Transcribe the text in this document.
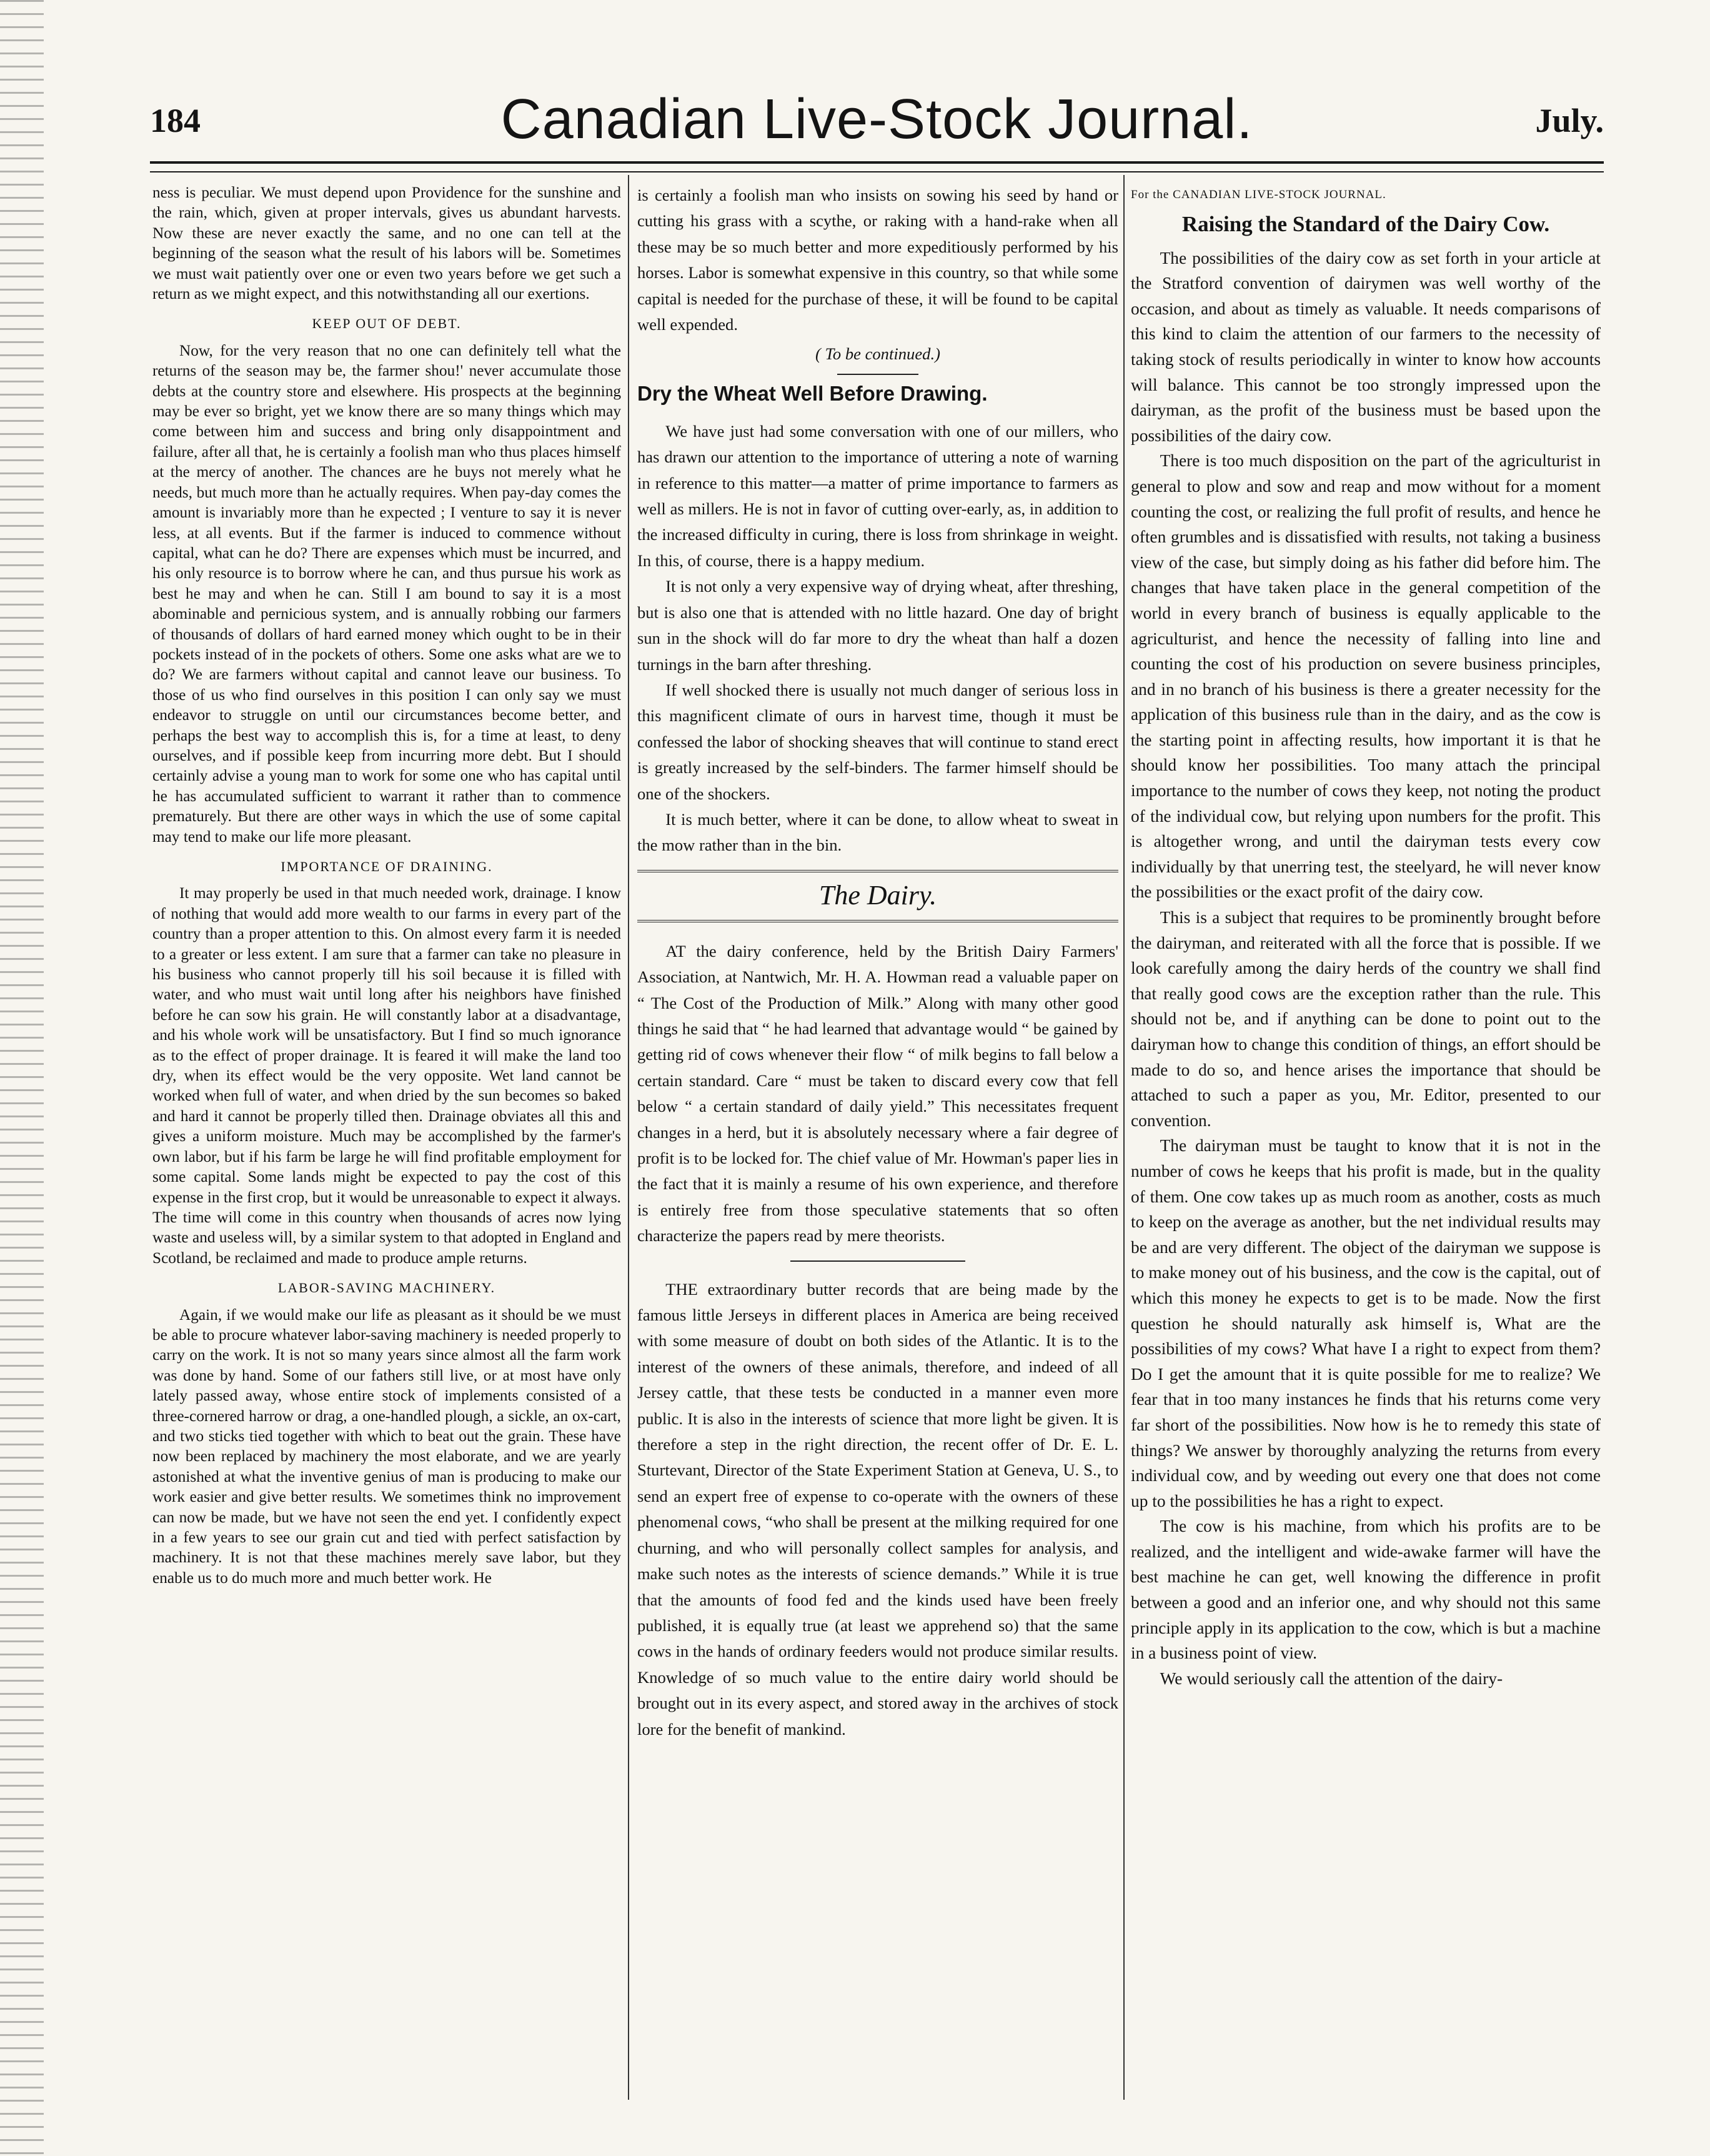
184	Canadian Live-Stock Journal.	July.

ness is peculiar. We must depend upon Providence for the sunshine and the rain, which, given at proper intervals, gives us abundant harvests. Now these are never exactly the same, and no one can tell at the beginning of the season what the result of his labors will be. Sometimes we must wait patiently over one or even two years before we get such a return as we might expect, and this notwithstanding all our exertions.

KEEP OUT OF DEBT.

Now, for the very reason that no one can definitely tell what the returns of the season may be, the farmer shou!' never accumulate those debts at the country store and elsewhere. His prospects at the beginning may be ever so bright, yet we know there are so many things which may come between him and success and bring only disappointment and failure, after all that, he is certainly a foolish man who thus places himself at the mercy of another. The chances are he buys not merely what he needs, but much more than he actually requires. When pay-day comes the amount is invariably more than he expected ; I venture to say it is never less, at all events. But if the farmer is induced to commence without capital, what can he do? There are expenses which must be incurred, and his only resource is to borrow where he can, and thus pursue his work as best he may and when he can. Still I am bound to say it is a most abominable and pernicious system, and is annually robbing our farmers of thousands of dollars of hard earned money which ought to be in their pockets instead of in the pockets of others. Some one asks what are we to do? We are farmers without capital and cannot leave our business. To those of us who find ourselves in this position I can only say we must endeavor to struggle on until our circumstances become better, and perhaps the best way to accomplish this is, for a time at least, to deny ourselves, and if possible keep from incurring more debt. But I should certainly advise a young man to work for some one who has capital until he has accumulated sufficient to warrant it rather than to commence prematurely. But there are other ways in which the use of some capital may tend to make our life more pleasant.

IMPORTANCE OF DRAINING.

It may properly be used in that much needed work, drainage. I know of nothing that would add more wealth to our farms in every part of the country than a proper attention to this. On almost every farm it is needed to a greater or less extent. I am sure that a farmer can take no pleasure in his business who cannot properly till his soil because it is filled with water, and who must wait until long after his neighbors have finished before he can sow his grain. He will constantly labor at a disadvantage, and his whole work will be unsatisfactory. But I find so much ignorance as to the effect of proper drainage. It is feared it will make the land too dry, when its effect would be the very opposite. Wet land cannot be worked when full of water, and when dried by the sun becomes so baked and hard it cannot be properly tilled then. Drainage obviates all this and gives a uniform moisture. Much may be accomplished by the farmer's own labor, but if his farm be large he will find profitable employment for some capital. Some lands might be expected to pay the cost of this expense in the first crop, but it would be unreasonable to expect it always. The time will come in this country when thousands of acres now lying waste and useless will, by a similar system to that adopted in England and Scotland, be reclaimed and made to produce ample returns.

LABOR-SAVING MACHINERY.

Again, if we would make our life as pleasant as it should be we must be able to procure whatever labor-saving machinery is needed properly to carry on the work. It is not so many years since almost all the farm work was done by hand. Some of our fathers still live, or at most have only lately passed away, whose entire stock of implements consisted of a three-cornered harrow or drag, a one-handled plough, a sickle, an ox-cart, and two sticks tied together with which to beat out the grain. These have now been replaced by machinery the most elaborate, and we are yearly astonished at what the inventive genius of man is producing to make our work easier and give better results. We sometimes think no improvement can now be made, but we have not seen the end yet. I confidently expect in a few years to see our grain cut and tied with perfect satisfaction by machinery. It is not that these machines merely save labor, but they enable us to do much more and much better work. He

is certainly a foolish man who insists on sowing his seed by hand or cutting his grass with a scythe, or raking with a hand-rake when all these may be so much better and more expeditiously performed by his horses. Labor is somewhat expensive in this country, so that while some capital is needed for the purchase of these, it will be found to be capital well expended.

( To be continued.)
Dry the Wheat Well Before Drawing.

We have just had some conversation with one of our millers, who has drawn our attention to the importance of uttering a note of warning in reference to this matter—a matter of prime importance to farmers as well as millers. He is not in favor of cutting over-early, as, in addition to the increased difficulty in curing, there is loss from shrinkage in weight. In this, of course, there is a happy medium.

It is not only a very expensive way of drying wheat, after threshing, but is also one that is attended with no little hazard. One day of bright sun in the shock will do far more to dry the wheat than half a dozen turnings in the barn after threshing.

If well shocked there is usually not much danger of serious loss in this magnificent climate of ours in harvest time, though it must be confessed the labor of shocking sheaves that will continue to stand erect is greatly increased by the self-binders. The farmer himself should be one of the shockers.

It is much better, where it can be done, to allow wheat to sweat in the mow rather than in the bin.

The Dairy.

AT the dairy conference, held by the British Dairy Farmers' Association, at Nantwich, Mr. H. A. Howman read a valuable paper on “ The Cost of the Production of Milk.” Along with many other good things he said that “ he had learned that advantage would “ be gained by getting rid of cows whenever their flow “ of milk begins to fall below a certain standard. Care “ must be taken to discard every cow that fell below “ a certain standard of daily yield.” This necessitates frequent changes in a herd, but it is absolutely necessary where a fair degree of profit is to be locked for. The chief value of Mr. Howman's paper lies in the fact that it is mainly a resume of his own experience, and therefore is entirely free from those speculative statements that so often characterize the papers read by mere theorists.

THE extraordinary butter records that are being made by the famous little Jerseys in different places in America are being received with some measure of doubt on both sides of the Atlantic. It is to the interest of the owners of these animals, therefore, and indeed of all Jersey cattle, that these tests be conducted in a manner even more public. It is also in the interests of science that more light be given. It is therefore a step in the right direction, the recent offer of Dr. E. L. Sturtevant, Director of the State Experiment Station at Geneva, U. S., to send an expert free of expense to co-operate with the owners of these phenomenal cows, “who shall be present at the milking required for one churning, and who will personally collect samples for analysis, and make such notes as the interests of science demands.” While it is true that the amounts of food fed and the kinds used have been freely published, it is equally true (at least we apprehend so) that the same cows in the hands of ordinary feeders would not produce similar results. Knowledge of so much value to the entire dairy world should be brought out in its every aspect, and stored away in the archives of stock lore for the benefit of mankind.

For the CANADIAN LIVE-STOCK JOURNAL.
Raising the Standard of the Dairy Cow.

The possibilities of the dairy cow as set forth in your article at the Stratford convention of dairymen was well worthy of the occasion, and about as timely as valuable. It needs comparisons of this kind to claim the attention of our farmers to the necessity of taking stock of results periodically in winter to know how accounts will balance. This cannot be too strongly impressed upon the dairyman, as the profit of the business must be based upon the possibilities of the dairy cow.

There is too much disposition on the part of the agriculturist in general to plow and sow and reap and mow without for a moment counting the cost, or realizing the full profit of results, and hence he often grumbles and is dissatisfied with results, not taking a business view of the case, but simply doing as his father did before him. The changes that have taken place in the general competition of the world in every branch of business is equally applicable to the agriculturist, and hence the necessity of falling into line and counting the cost of his production on severe business principles, and in no branch of his business is there a greater necessity for the application of this business rule than in the dairy, and as the cow is the starting point in affecting results, how important it is that he should know her possibilities. Too many attach the principal importance to the number of cows they keep, not noting the product of the individual cow, but relying upon numbers for the profit. This is altogether wrong, and until the dairyman tests every cow individually by that unerring test, the steelyard, he will never know the possibilities or the exact profit of the dairy cow.

This is a subject that requires to be prominently brought before the dairyman, and reiterated with all the force that is possible. If we look carefully among the dairy herds of the country we shall find that really good cows are the exception rather than the rule. This should not be, and if anything can be done to point out to the dairyman how to change this condition of things, an effort should be made to do so, and hence arises the importance that should be attached to such a paper as you, Mr. Editor, presented to our convention.

The dairyman must be taught to know that it is not in the number of cows he keeps that his profit is made, but in the quality of them. One cow takes up as much room as another, costs as much to keep on the average as another, but the net individual results may be and are very different. The object of the dairyman we suppose is to make money out of his business, and the cow is the capital, out of which this money he expects to get is to be made. Now the first question he should naturally ask himself is, What are the possibilities of my cows? What have I a right to expect from them? Do I get the amount that it is quite possible for me to realize? We fear that in too many instances he finds that his returns come very far short of the possibilities. Now how is he to remedy this state of things? We answer by thoroughly analyzing the returns from every individual cow, and by weeding out every one that does not come up to the possibilities he has a right to expect.

The cow is his machine, from which his profits are to be realized, and the intelligent and wide-awake farmer will have the best machine he can get, well knowing the difference in profit between a good and an inferior one, and why should not this same principle apply in its application to the cow, which is but a machine in a business point of view.

We would seriously call the attention of the dairy-
